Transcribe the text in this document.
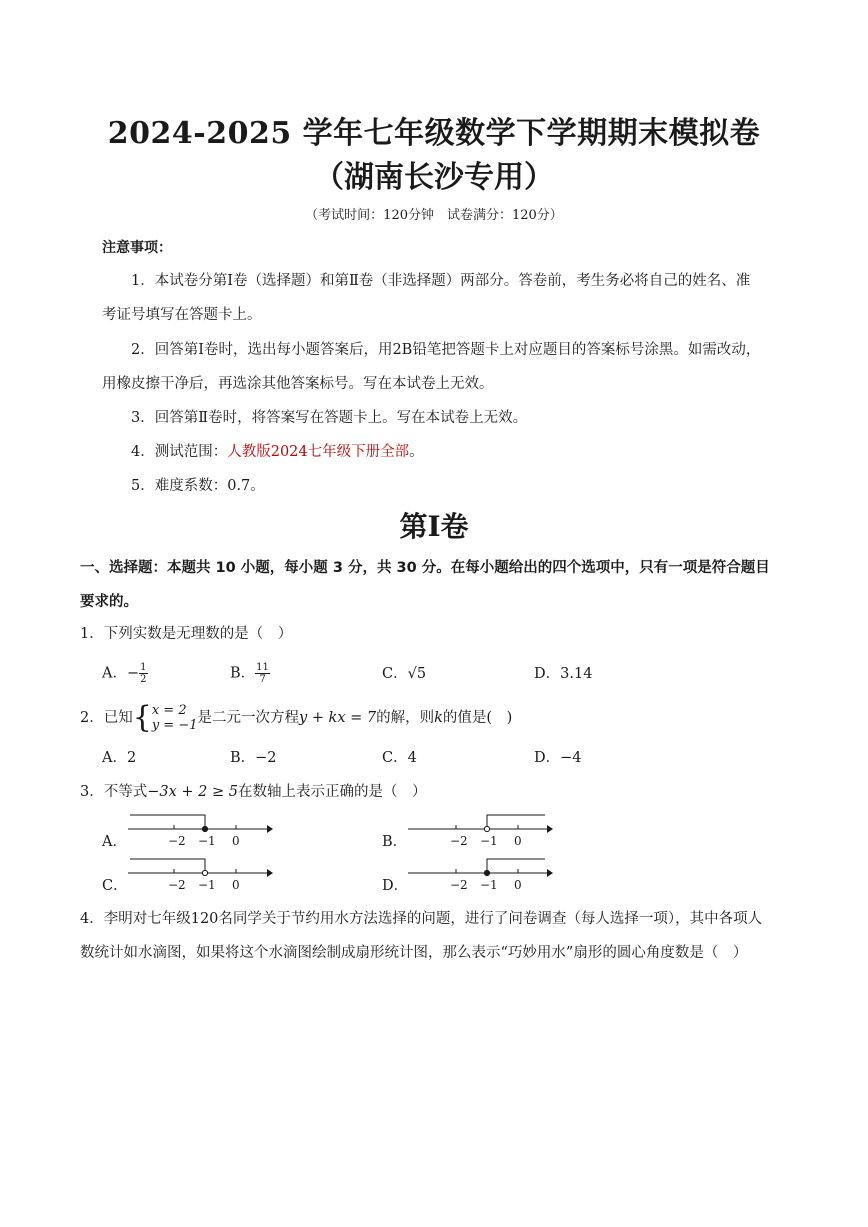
2024-2025 学年七年级数学下学期期末模拟卷
（湖南长沙专用）
（考试时间：120分钟　试卷满分：120分）
注意事项：
1．本试卷分第Ⅰ卷（选择题）和第Ⅱ卷（非选择题）两部分。答卷前，考生务必将自己的姓名、准
考证号填写在答题卡上。
2．回答第Ⅰ卷时，选出每小题答案后，用2B铅笔把答题卡上对应题目的答案标号涂黑。如需改动，
用橡皮擦干净后，再选涂其他答案标号。写在本试卷上无效。
3．回答第Ⅱ卷时，将答案写在答题卡上。写在本试卷上无效。
4．测试范围：人教版2024七年级下册全部。
5．难度系数：0.7。
第Ⅰ卷
一、选择题：本题共 10 小题，每小题 3 分，共 30 分。在每小题给出的四个选项中，只有一项是符合题目
要求的。
1．下列实数是无理数的是（　）
A．− $\frac{1}{2}$	B． $\frac{11}{7}$	C．√5	D．3.14
2．已知{ x = 2
y = −1 是二元一次方程y + kx = 7的解，则k的值是(　)
A．2	B．−2	C．4	D．−4
3．不等式−3x + 2 ≥ 5在数轴上表示正确的是（　）
A．	B．
C．	D．
−2 −1 0	−2 −1 0
−2 −1 0	−2 −1 0
4．李明对七年级120名同学关于节约用水方法选择的问题，进行了问卷调查（每人选择一项），其中各项人
数统计如水滴图，如果将这个水滴图绘制成扇形统计图，那么表示“巧妙用水”扇形的圆心角度数是（　）
